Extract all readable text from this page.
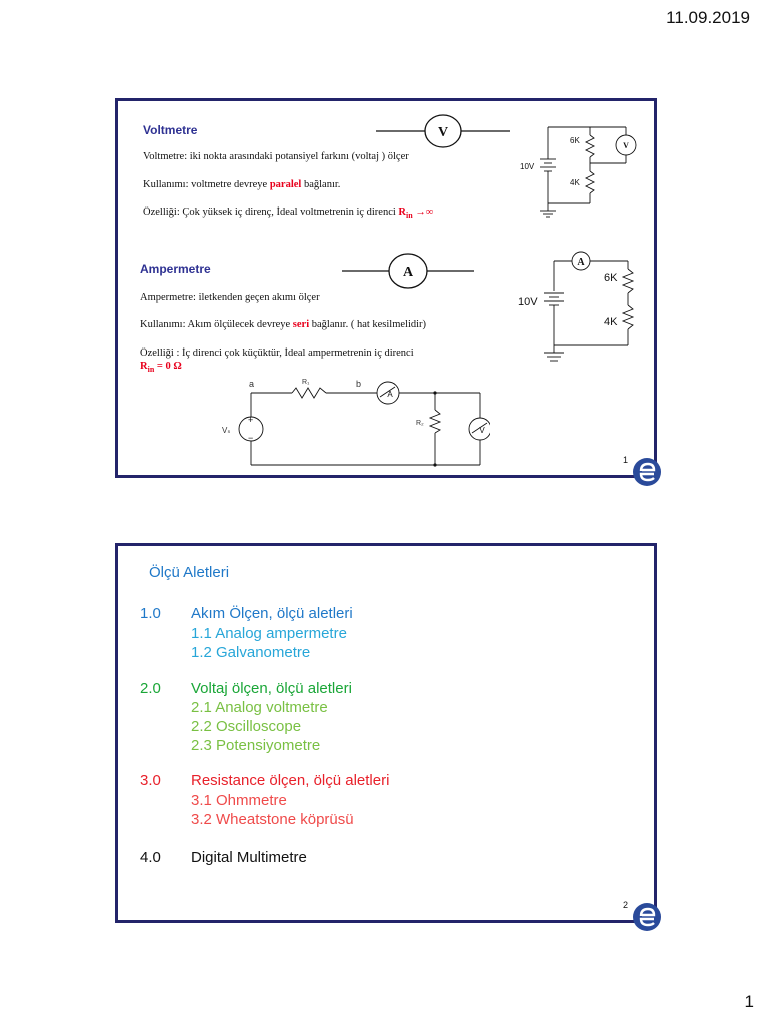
11.09.2019
Voltmetre	V
Voltmetre: iki nokta arasındaki potansiyel farkını (voltaj ) ölçer
Kullanımı: voltmetre devreye paralel bağlanır.
Özelliği: Çok yüksek iç direnç, İdeal voltmetrenin iç direnci $R_{in}$ →∞
6K
4K
10V
V
Ampermetre	A
Ampermetre: iletkenden geçen akımı ölçer
Kullanımı: Akım ölçülecek devreye seri bağlanır. ( hat kesilmelidir)
Özelliği : İç direnci çok küçüktür, İdeal ampermetrenin iç direnci
$R_{in} = 0$ Ω
A
6K
4K
10V
+
−
a	b
R₁
R₂
Vₛ
A
V
1
Ölçü Aletleri
1.0 Akım Ölçen, ölçü aletleri
1.1 Analog ampermetre
1.2 Galvanometre
2.0 Voltaj ölçen, ölçü aletleri
2.1 Analog voltmetre
2.2 Oscilloscope
2.3 Potensiyometre
3.0 Resistance ölçen, ölçü aletleri
3.1 Ohmmetre
3.2 Wheatstone köprüsü
4.0 Digital Multimetre
2
1
